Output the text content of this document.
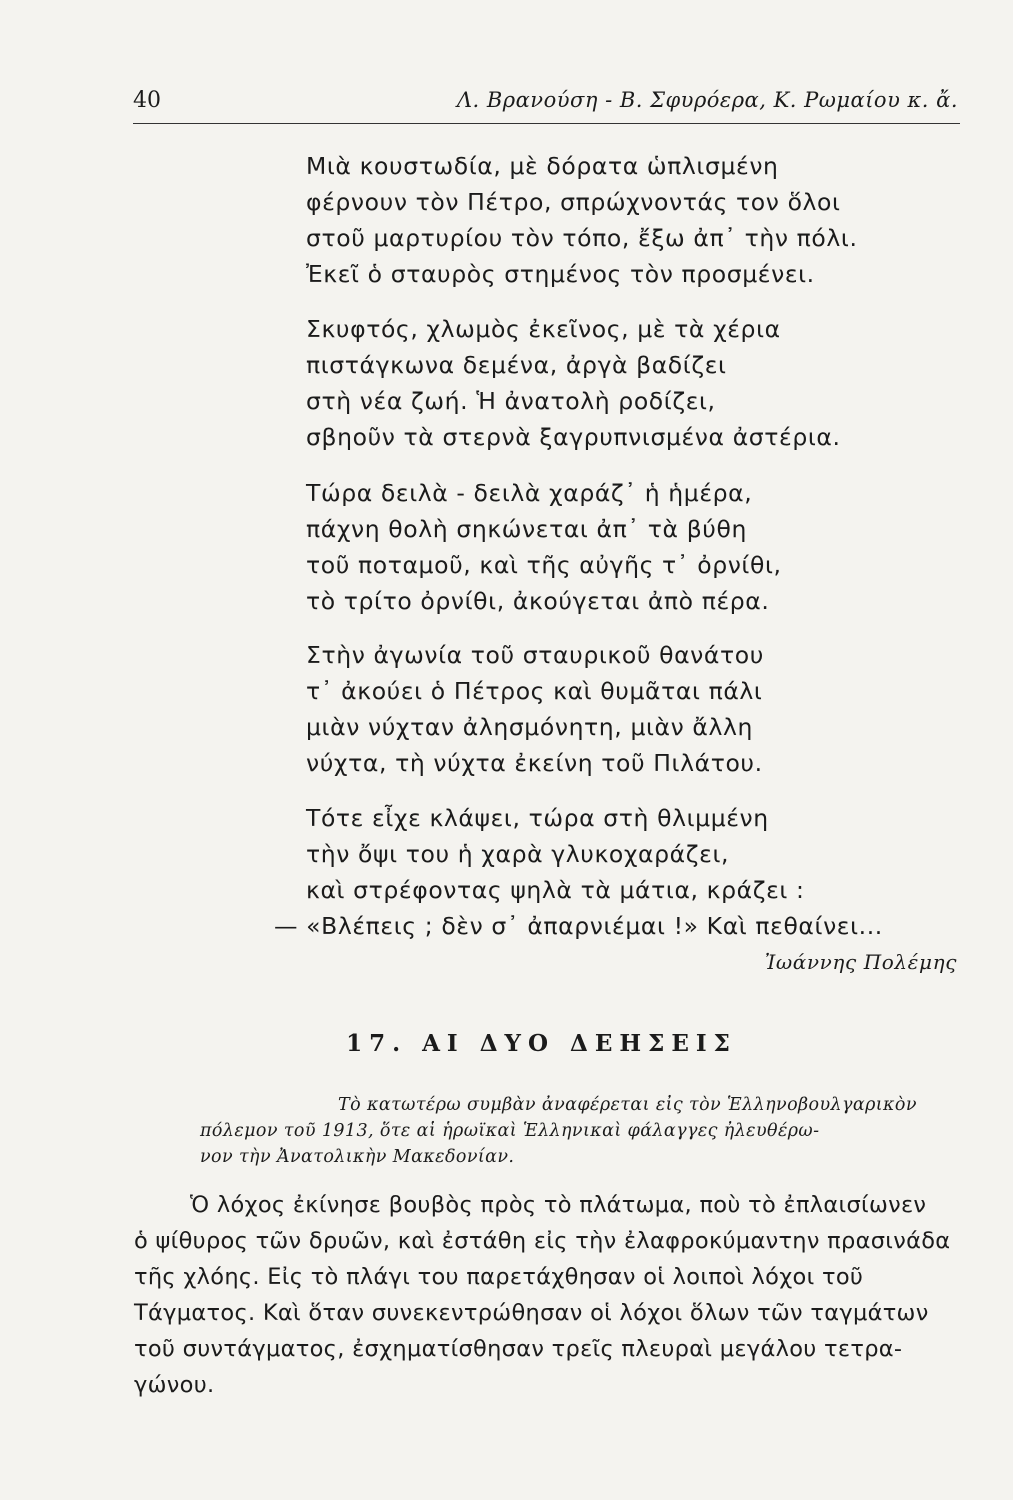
40	Λ. Βρανούση - Β. Σφυρόερα, Κ. Ρωμαίου κ. ἄ.
Μιὰ κουστωδία, μὲ δόρατα ὡπλισμένη
φέρνουν τὸν Πέτρο, σπρώχνοντάς τον ὅλοι
στοῦ μαρτυρίου τὸν τόπο, ἔξω ἀπ᾿ τὴν πόλι.
Ἐκεῖ ὁ σταυρὸς στημένος τὸν προσμένει.
Σκυφτός, χλωμὸς ἐκεῖνος, μὲ τὰ χέρια
πιστάγκωνα δεμένα, ἀργὰ βαδίζει
στὴ νέα ζωή. Ἡ ἀνατολὴ ροδίζει,
σβηοῦν τὰ στερνὰ ξαγρυπνισμένα ἀστέρια.
Τώρα δειλὰ - δειλὰ χαράζ᾿ ἡ ἡμέρα,
πάχνη θολὴ σηκώνεται ἀπ᾿ τὰ βύθη
τοῦ ποταμοῦ, καὶ τῆς αὐγῆς τ᾿ ὀρνίθι,
τὸ τρίτο ὀρνίθι, ἀκούγεται ἀπὸ πέρα.
Στὴν ἀγωνία τοῦ σταυρικοῦ θανάτου
τ᾿ ἀκούει ὁ Πέτρος καὶ θυμᾶται πάλι
μιὰν νύχταν ἀλησμόνητη, μιὰν ἄλλη
νύχτα, τὴ νύχτα ἐκείνη τοῦ Πιλάτου.
Τότε εἶχε κλάψει, τώρα στὴ θλιμμένη
τὴν ὄψι του ἡ χαρὰ γλυκοχαράζει,
καὶ στρέφοντας ψηλὰ τὰ μάτια, κράζει :
— «Βλέπεις ; δὲν σ᾿ ἀπαρνιέμαι !» Καὶ πεθαίνει...
Ἰωάννης Πολέμης
17. ΑΙ ΔΥΟ ΔΕΗΣΕΙΣ
Τὸ κατωτέρω συμβὰν ἀναφέρεται εἰς τὸν Ἑλληνοβουλγαρικὸν
πόλεμον τοῦ 1913, ὅτε αἱ ἡρωϊκαὶ Ἑλληνικαὶ φάλαγγες ἠλευθέρω-
νον τὴν Ἀνατολικὴν Μακεδονίαν.
Ὁ λόχος ἐκίνησε βουβὸς πρὸς τὸ πλάτωμα, ποὺ τὸ ἐπλαισίωνεν
ὁ ψίθυρος τῶν δρυῶν, καὶ ἐστάθη εἰς τὴν ἐλαφροκύμαντην πρασινάδα
τῆς χλόης. Εἰς τὸ πλάγι του παρετάχθησαν οἱ λοιποὶ λόχοι τοῦ
Τάγματος. Καὶ ὅταν συνεκεντρώθησαν οἱ λόχοι ὅλων τῶν ταγμάτων
τοῦ συντάγματος, ἐσχηματίσθησαν τρεῖς πλευραὶ μεγάλου τετρα-
γώνου.
